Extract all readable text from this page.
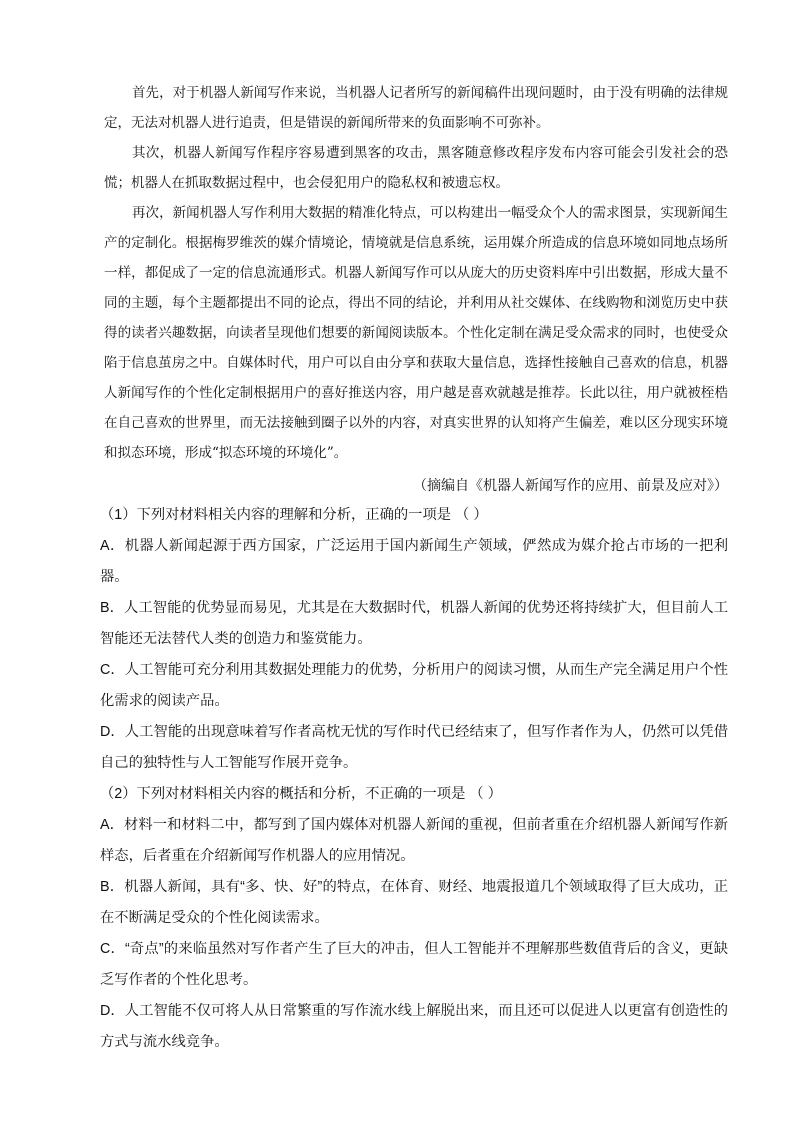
首先，对于机器人新闻写作来说，当机器人记者所写的新闻稿件出现问题时，由于没有明确的法律规定，无法对机器人进行追责，但是错误的新闻所带来的负面影响不可弥补。

其次，机器人新闻写作程序容易遭到黑客的攻击，黑客随意修改程序发布内容可能会引发社会的恐慌；机器人在抓取数据过程中，也会侵犯用户的隐私权和被遗忘权。

再次，新闻机器人写作利用大数据的精准化特点，可以构建出一幅受众个人的需求图景，实现新闻生产的定制化。根据梅罗维茨的媒介情境论，情境就是信息系统，运用媒介所造成的信息环境如同地点场所一样，都促成了一定的信息流通形式。机器人新闻写作可以从庞大的历史资料库中引出数据，形成大量不同的主题，每个主题都提出不同的论点，得出不同的结论，并利用从社交媒体、在线购物和浏览历史中获得的读者兴趣数据，向读者呈现他们想要的新闻阅读版本。个性化定制在满足受众需求的同时，也使受众陷于信息茧房之中。自媒体时代，用户可以自由分享和获取大量信息，选择性接触自己喜欢的信息，机器人新闻写作的个性化定制根据用户的喜好推送内容，用户越是喜欢就越是推荐。长此以往，用户就被桎梏在自己喜欢的世界里，而无法接触到圈子以外的内容，对真实世界的认知将产生偏差，难以区分现实环境和拟态环境，形成“拟态环境的环境化”。

（摘编自《机器人新闻写作的应用、前景及应对》）

（1）下列对材料相关内容的理解和分析，正确的一项是 （ ）

A．机器人新闻起源于西方国家，广泛运用于国内新闻生产领域，俨然成为媒介抢占市场的一把利器。

B．人工智能的优势显而易见，尤其是在大数据时代，机器人新闻的优势还将持续扩大，但目前人工智能还无法替代人类的创造力和鉴赏能力。

C．人工智能可充分利用其数据处理能力的优势，分析用户的阅读习惯，从而生产完全满足用户个性化需求的阅读产品。

D．人工智能的出现意味着写作者高枕无忧的写作时代已经结束了，但写作者作为人，仍然可以凭借自己的独特性与人工智能写作展开竞争。

（2）下列对材料相关内容的概括和分析，不正确的一项是 （ ）

A．材料一和材料二中，都写到了国内媒体对机器人新闻的重视，但前者重在介绍机器人新闻写作新样态，后者重在介绍新闻写作机器人的应用情况。

B．机器人新闻，具有“多、快、好”的特点，在体育、财经、地震报道几个领域取得了巨大成功，正在不断满足受众的个性化阅读需求。

C．“奇点”的来临虽然对写作者产生了巨大的冲击，但人工智能并不理解那些数值背后的含义，更缺乏写作者的个性化思考。

D．人工智能不仅可将人从日常繁重的写作流水线上解脱出来，而且还可以促进人以更富有创造性的方式与流水线竞争。
